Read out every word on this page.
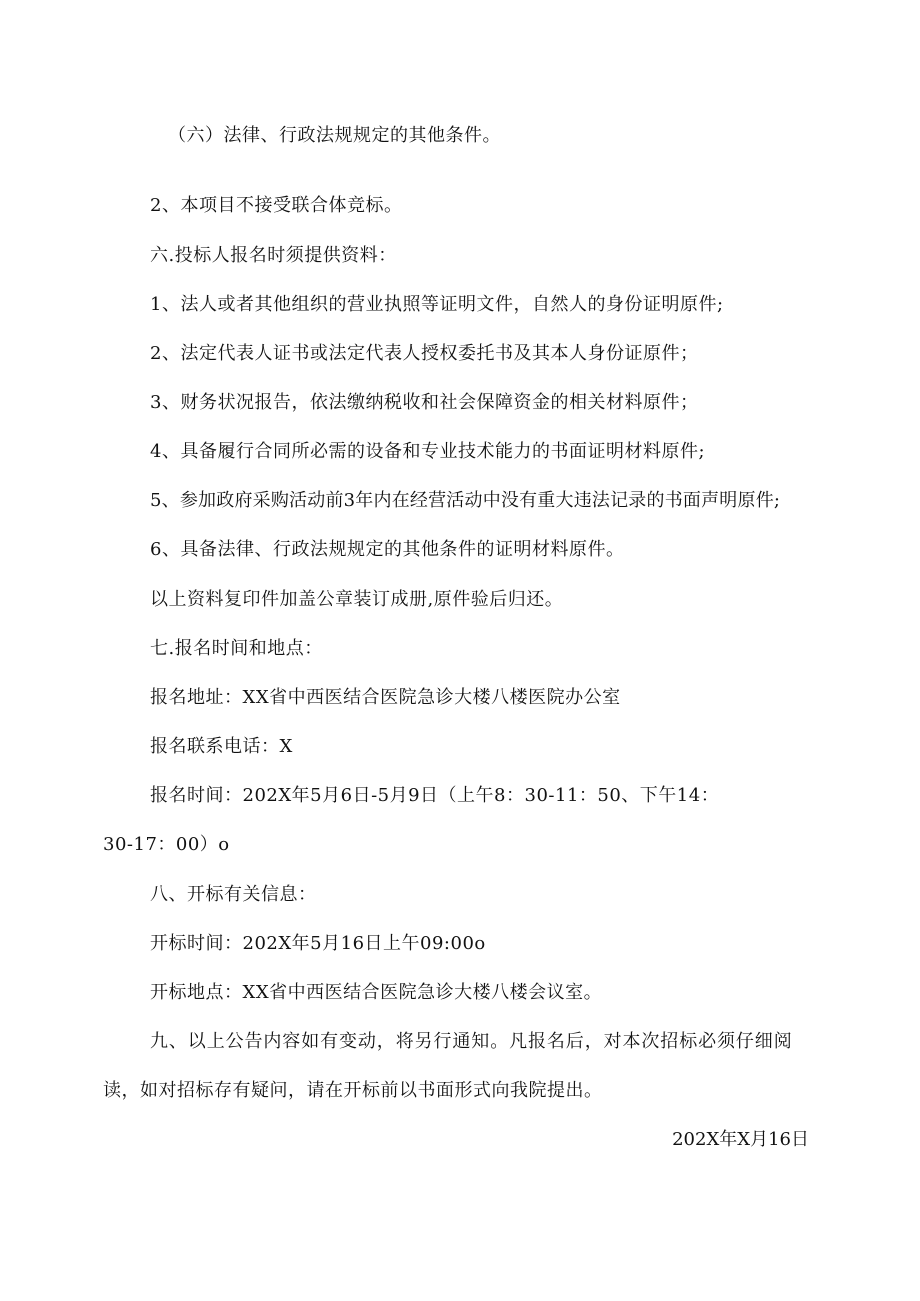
（六）法律、行政法规规定的其他条件。
2、本项目不接受联合体竞标。
六.投标人报名时须提供资料：
1、法人或者其他组织的营业执照等证明文件，自然人的身份证明原件;
2、法定代表人证书或法定代表人授权委托书及其本人身份证原件；
3、财务状况报告，依法缴纳税收和社会保障资金的相关材料原件；
4、具备履行合同所必需的设备和专业技术能力的书面证明材料原件;
5、参加政府采购活动前3年内在经营活动中没有重大违法记录的书面声明原件;
6、具备法律、行政法规规定的其他条件的证明材料原件。
以上资料复印件加盖公章装订成册,原件验后归还。
七.报名时间和地点：
报名地址：XX省中西医结合医院急诊大楼八楼医院办公室
报名联系电话：X
报名时间：202X年5月6日-5月9日（上午8：30-11：50、下午14：
30-17：00）o
八、开标有关信息：
开标时间：202X年5月16日上午09:00o
开标地点：XX省中西医结合医院急诊大楼八楼会议室。
九、以上公告内容如有变动，将另行通知。凡报名后，对本次招标必须仔细阅
读，如对招标存有疑问，请在开标前以书面形式向我院提出。
202X年X月16日
